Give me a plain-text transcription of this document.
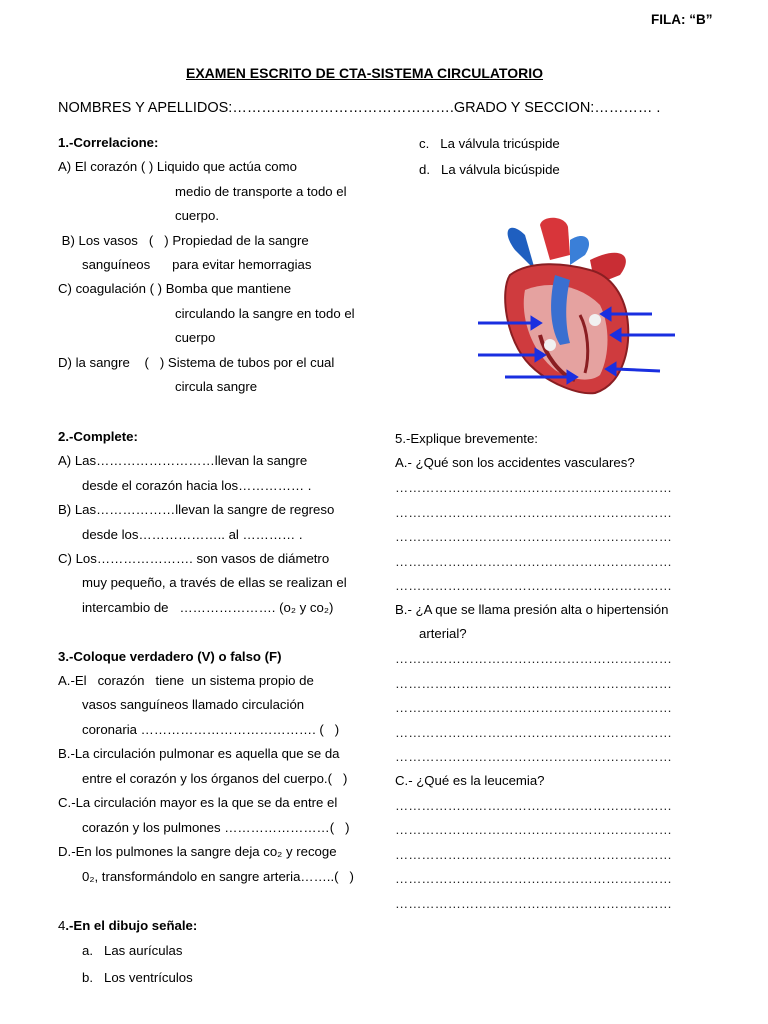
FILA: “B”
EXAMEN ESCRITO DE CTA-SISTEMA CIRCULATORIO
NOMBRES Y APELLIDOS:……………………………………….GRADO Y SECCION:………… .
1.-Correlacione:
A) El corazón ( ) Liquido que actúa como
medio de transporte a todo el
cuerpo.
B) Los vasos   (   ) Propiedad de la sangre
sanguíneos      para evitar hemorragias
C) coagulación ( ) Bomba que mantiene
circulando la sangre en todo el
cuerpo
D) la sangre    (   ) Sistema de tubos por el cual
circula sangre
2.-Complete:
A) Las………………………llevan la sangre
desde el corazón hacia los…………… .
B) Las………………llevan la sangre de regreso
desde los……………….. al ………… .
C) Los…………………. son vasos de diámetro
muy pequeño, a través de ellas se realizan el
intercambio de   …………………. (o₂ y co₂)
3.-Coloque verdadero (V) o falso (F)
A.-El   corazón   tiene  un sistema propio de
vasos sanguíneos llamado circulación
coronaria …………………………………. (   )
B.-La circulación pulmonar es aquella que se da
entre el corazón y los órganos del cuerpo.(   )
C.-La circulación mayor es la que se da entre el
corazón y los pulmones ……………………(   )
D.-En los pulmones la sangre deja co₂ y recoge
0₂, transformándolo en sangre arteria……..(   )
4.-En el dibujo señale:
a.   Las aurículas
b.   Los ventrículos
c.   La válvula tricúspide
d.   La válvula bicúspide
5.-Explique brevemente:
A.- ¿Qué son los accidentes vasculares?
………………………………………………………
………………………………………………………
………………………………………………………
………………………………………………………
………………………………………………………
B.- ¿A que se llama presión alta o hipertensión
arterial?
………………………………………………………
………………………………………………………
………………………………………………………
………………………………………………………
………………………………………………………
C.- ¿Qué es la leucemia?
………………………………………………………
………………………………………………………
………………………………………………………
………………………………………………………
………………………………………………………
